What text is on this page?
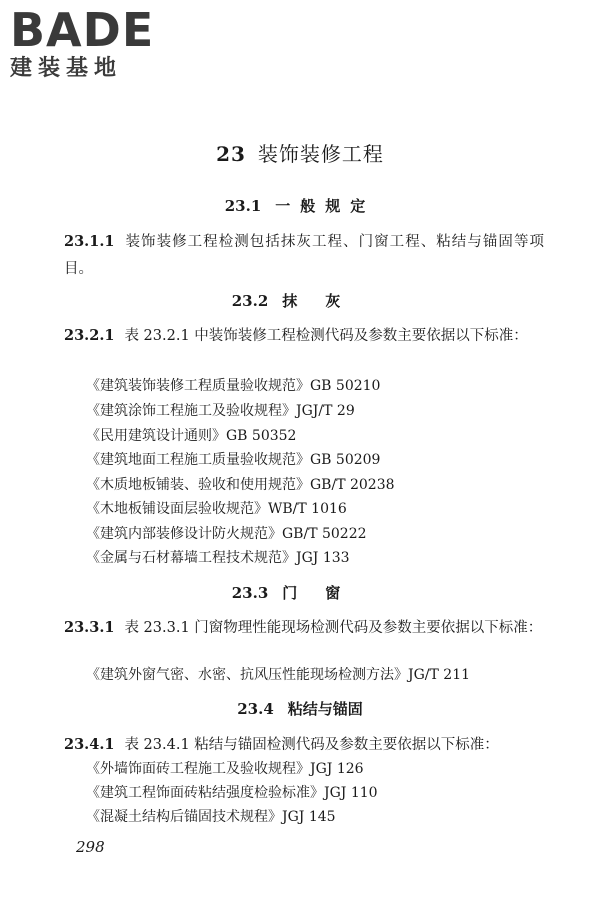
BADE
建装基地
23 装饰装修工程
23.1 一般规定
23.1.1 装饰装修工程检测包括抹灰工程、门窗工程、粘结与锚固等项目。
23.2 抹灰
23.2.1 表 23.2.1 中装饰装修工程检测代码及参数主要依据以下标准：
《建筑装饰装修工程质量验收规范》GB 50210
《建筑涂饰工程施工及验收规程》JGJ/T 29
《民用建筑设计通则》GB 50352
《建筑地面工程施工质量验收规范》GB 50209
《木质地板铺装、验收和使用规范》GB/T 20238
《木地板铺设面层验收规范》WB/T 1016
《建筑内部装修设计防火规范》GB/T 50222
《金属与石材幕墙工程技术规范》JGJ 133
23.3 门窗
23.3.1 表 23.3.1 门窗物理性能现场检测代码及参数主要依据以下标准：
《建筑外窗气密、水密、抗风压性能现场检测方法》JG/T 211
23.4 粘结与锚固
23.4.1 表 23.4.1 粘结与锚固检测代码及参数主要依据以下标准：
《外墙饰面砖工程施工及验收规程》JGJ 126
《建筑工程饰面砖粘结强度检验标准》JGJ 110
《混凝土结构后锚固技术规程》JGJ 145
298
